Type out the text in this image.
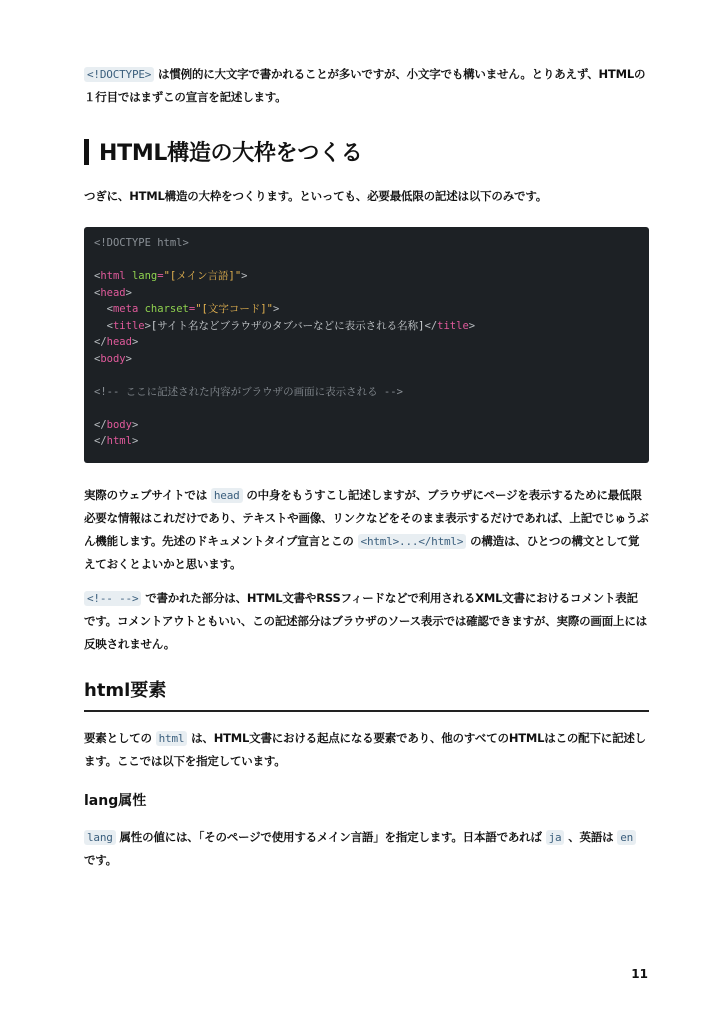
<!DOCTYPE> は慣例的に大文字で書かれることが多いですが、小文字でも構いません。とりあえず、HTMLの１行目ではまずこの宣言を記述します。

HTML構造の大枠をつくる

つぎに、HTML構造の大枠をつくります。といっても、必要最低限の記述は以下のみです。

<!DOCTYPE html>
<html lang="[メイン言語]">
<head>
<meta charset="[文字コード]">
<title>[サイト名などブラウザのタブバーなどに表示される名称]</title>
</head>
<body>
<!-- ここに記述された内容がブラウザの画面に表示される -->
</body>
</html>

実際のウェブサイトでは head の中身をもうすこし記述しますが、ブラウザにページを表示するために最低限必要な情報はこれだけであり、テキストや画像、リンクなどをそのまま表示するだけであれば、上記でじゅうぶん機能します。先述のドキュメントタイプ宣言とこの <html>...</html> の構造は、ひとつの構文として覚えておくとよいかと思います。

<!-- --> で書かれた部分は、HTML文書やRSSフィードなどで利用されるXML文書におけるコメント表記です。コメントアウトともいい、この記述部分はブラウザのソース表示では確認できますが、実際の画面上には反映されません。

html要素

要素としての html は、HTML文書における起点になる要素であり、他のすべてのHTMLはこの配下に記述します。ここでは以下を指定しています。

lang属性

lang 属性の値には、「そのページで使用するメイン言語」を指定します。日本語であれば ja 、英語は en です。

11
